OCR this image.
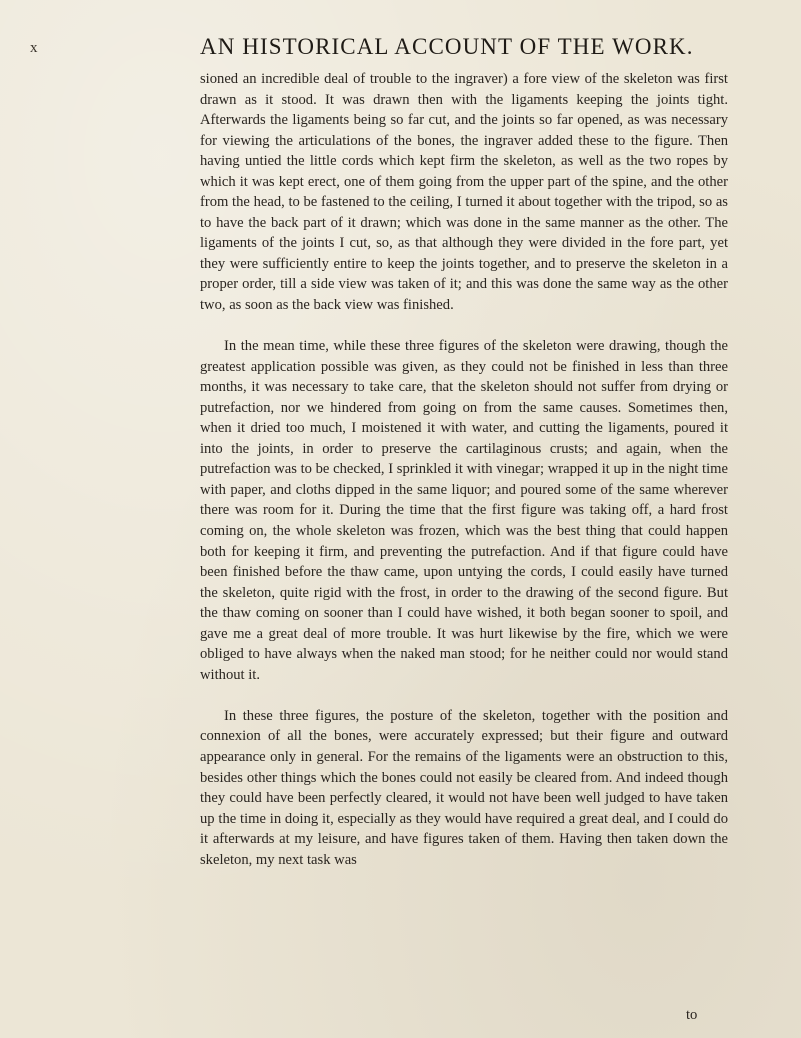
x	AN HISTORICAL ACCOUNT OF THE WORK.

sioned an incredible deal of trouble to the ingraver) a fore view of the skeleton was first drawn as it stood. It was drawn then with the ligaments keeping the joints tight. Afterwards the ligaments being so far cut, and the joints so far opened, as was necessary for viewing the articulations of the bones, the ingraver added these to the figure. Then having untied the little cords which kept firm the skeleton, as well as the two ropes by which it was kept erect, one of them going from the upper part of the spine, and the other from the head, to be fastened to the ceiling, I turned it about together with the tripod, so as to have the back part of it drawn; which was done in the same manner as the other. The ligaments of the joints I cut, so, as that although they were divided in the fore part, yet they were sufficiently entire to keep the joints together, and to preserve the skeleton in a proper order, till a side view was taken of it; and this was done the same way as the other two, as soon as the back view was finished.

In the mean time, while these three figures of the skeleton were drawing, though the greatest application possible was given, as they could not be finished in less than three months, it was necessary to take care, that the skeleton should not suffer from drying or putrefaction, nor we hindered from going on from the same causes. Sometimes then, when it dried too much, I moistened it with water, and cutting the ligaments, poured it into the joints, in order to preserve the cartilaginous crusts; and again, when the putrefaction was to be checked, I sprinkled it with vinegar; wrapped it up in the night time with paper, and cloths dipped in the same liquor; and poured some of the same wherever there was room for it. During the time that the first figure was taking off, a hard frost coming on, the whole skeleton was frozen, which was the best thing that could happen both for keeping it firm, and preventing the putrefaction. And if that figure could have been finished before the thaw came, upon untying the cords, I could easily have turned the skeleton, quite rigid with the frost, in order to the drawing of the second figure. But the thaw coming on sooner than I could have wished, it both began sooner to spoil, and gave me a great deal of more trouble. It was hurt likewise by the fire, which we were obliged to have always when the naked man stood; for he neither could nor would stand without it.

In these three figures, the posture of the skeleton, together with the position and connexion of all the bones, were accurately expressed; but their figure and outward appearance only in general. For the remains of the ligaments were an obstruction to this, besides other things which the bones could not easily be cleared from. And indeed though they could have been perfectly cleared, it would not have been well judged to have taken up the time in doing it, especially as they would have required a great deal, and I could do it afterwards at my leisure, and have figures taken of them. Having then taken down the skeleton, my next task was

to
